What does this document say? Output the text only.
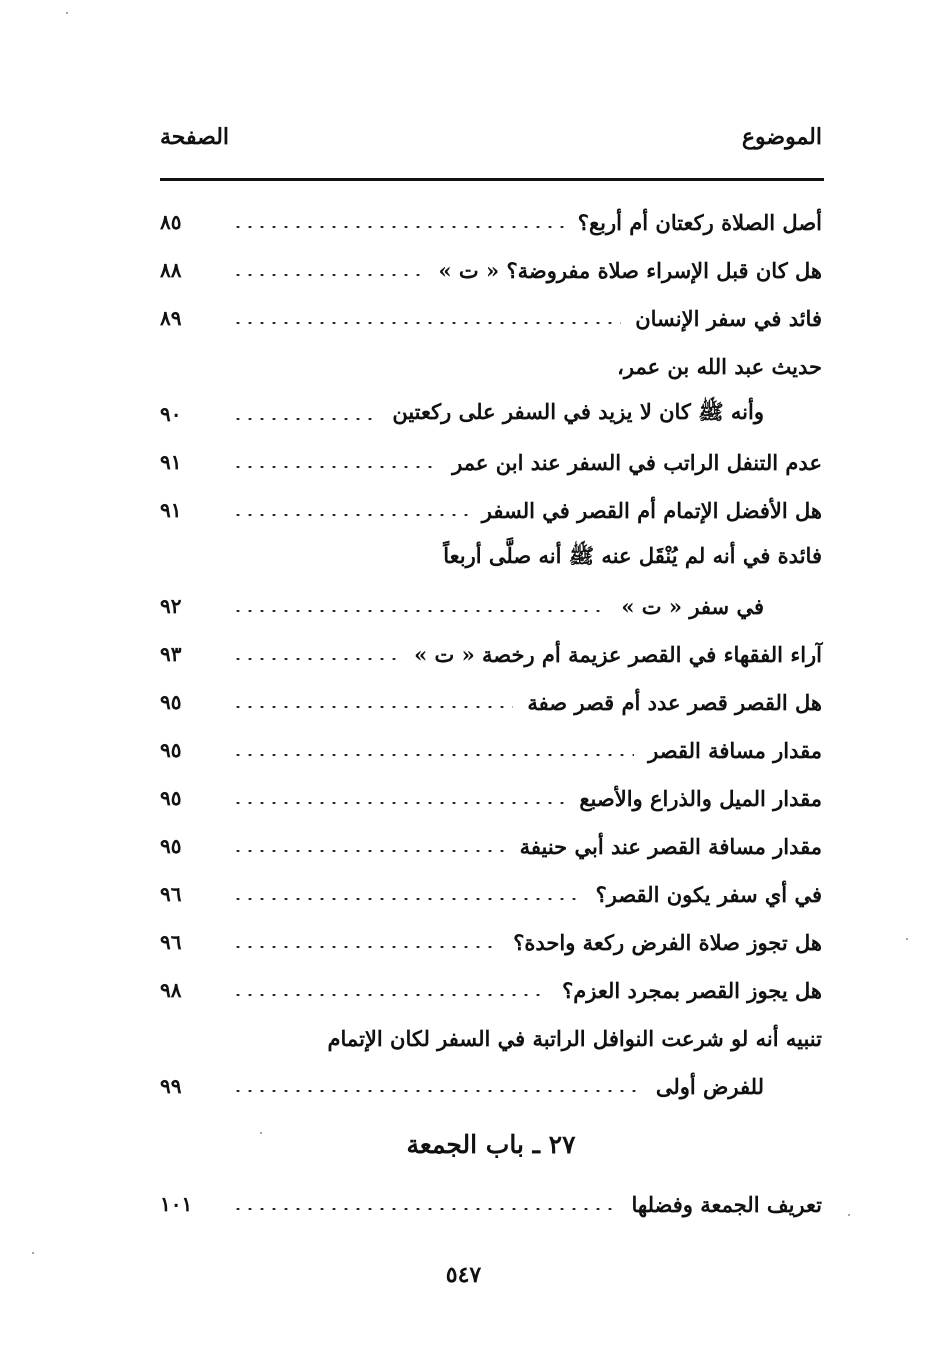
الموضوع
الصفحة
أصل الصلاة ركعتان أم أربع؟
٨٥
هل كان قبل الإسراء صلاة مفروضة؟ « ت »
٨٨
فائد في سفر الإنسان
٨٩
حديث عبد الله بن عمر،
وأنه ﷺ كان لا يزيد في السفر على ركعتين
٩٠
عدم التنفل الراتب في السفر عند ابن عمر
٩١
هل الأفضل الإتمام أم القصر في السفر
٩١
فائدة في أنه لم يُنْقَل عنه ﷺ أنه صلَّى أربعاً
في سفر « ت »
٩٢
آراء الفقهاء في القصر عزيمة أم رخصة « ت »
٩٣
هل القصر قصر عدد أم قصر صفة
٩٥
مقدار مسافة القصر
٩٥
مقدار الميل والذراع والأصبع
٩٥
مقدار مسافة القصر عند أبي حنيفة
٩٥
في أي سفر يكون القصر؟
٩٦
هل تجوز صلاة الفرض ركعة واحدة؟
٩٦
هل يجوز القصر بمجرد العزم؟
٩٨
تنبيه أنه لو شرعت النوافل الراتبة في السفر لكان الإتمام
للفرض أولى
٩٩
٢٧ ـ باب الجمعة
تعريف الجمعة وفضلها
١٠١
٥٤٧
